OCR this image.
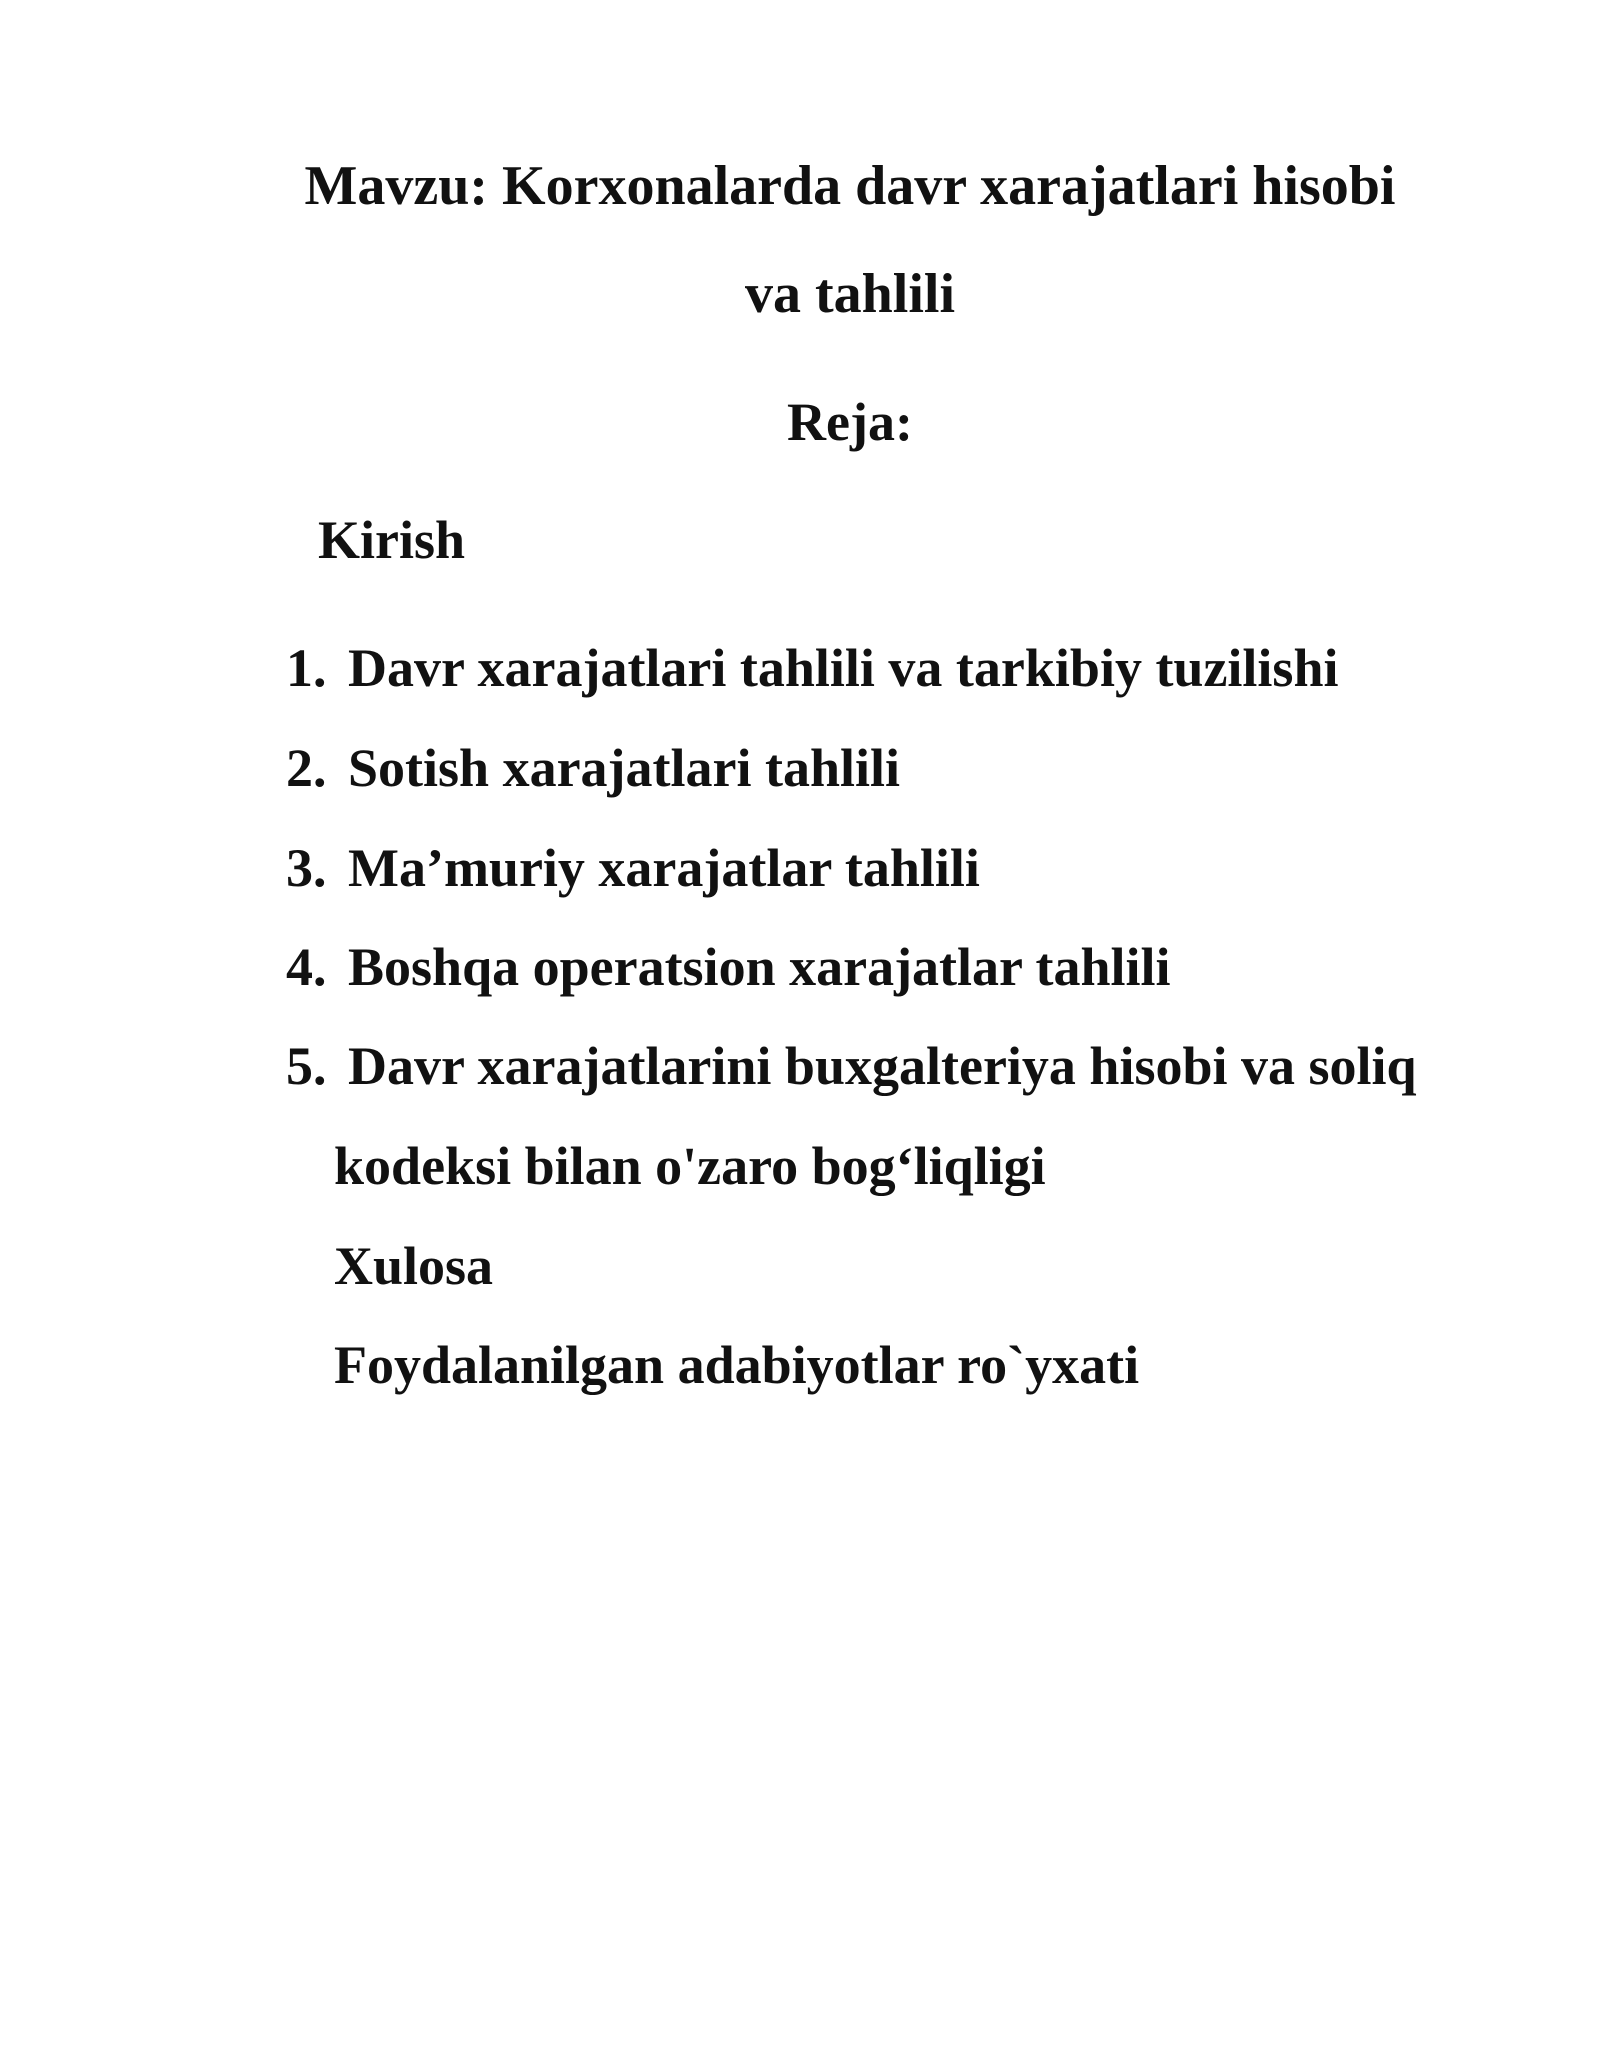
Mavzu: Korxonalarda davr xarajatlari hisobi
va tahlili
Reja:
Kirish
1. Davr xarajatlari tahlili va tarkibiy tuzilishi
2. Sotish xarajatlari tahlili
3. Ma’muriy xarajatlar tahlili
4. Boshqa operatsion xarajatlar tahlili
5. Davr xarajatlarini buxgalteriya hisobi va soliq
kodeksi bilan o'zaro bog‘liqligi
Xulosa
Foydalanilgan adabiyotlar ro`yxati
